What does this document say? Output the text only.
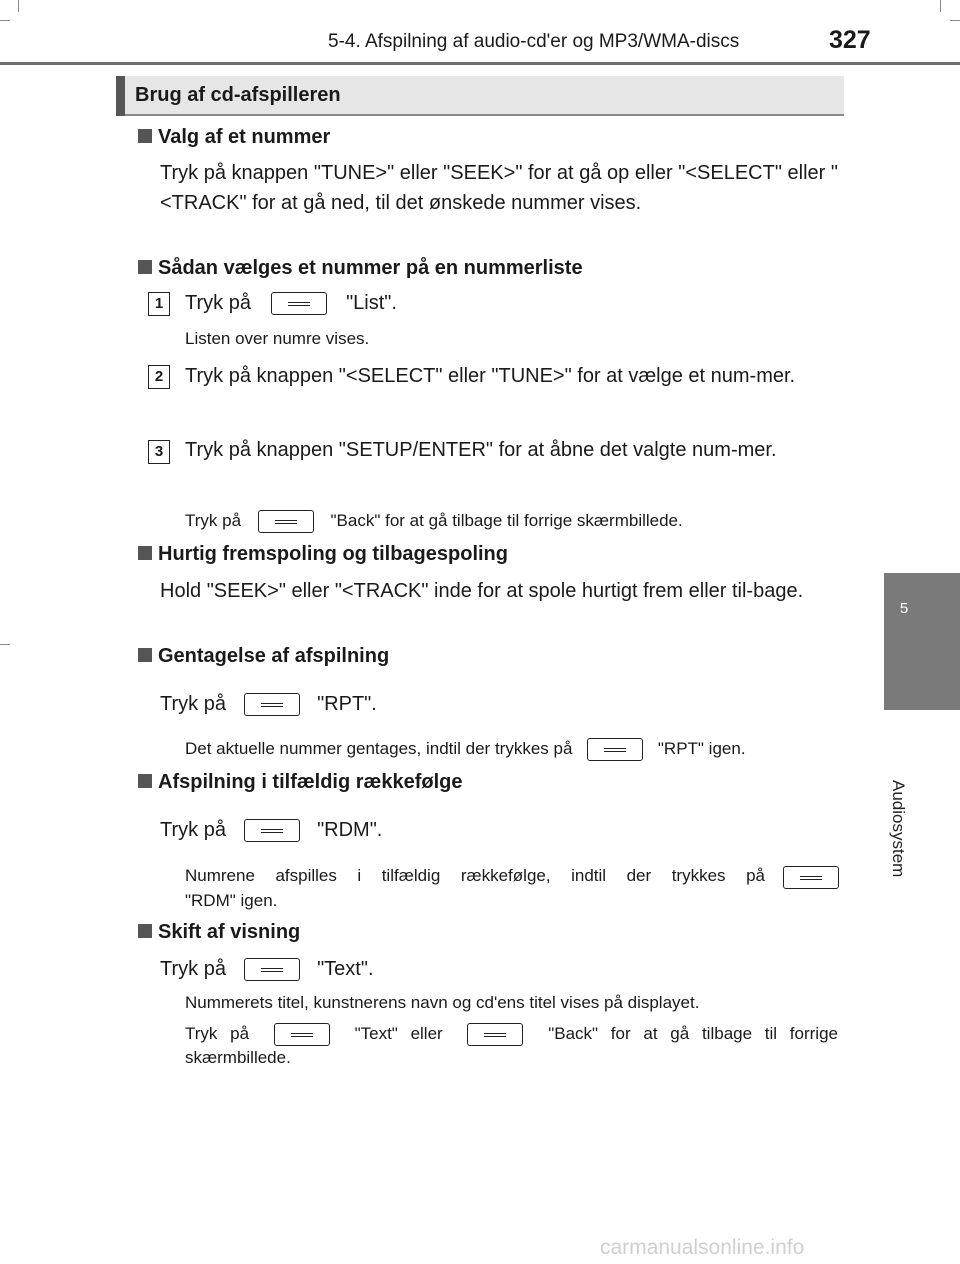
5-4. Afspilning af audio-cd'er og MP3/WMA-discs	327
5
Audiosystem
Brug af cd-afspilleren
Valg af et nummer
Tryk på knappen "TUNE>" eller "SEEK>" for at gå op eller "<SELECT" eller "<TRACK" for at gå ned, til det ønskede nummer vises.
Sådan vælges et nummer på en nummerliste
1	Tryk på	"List".
Listen over numre vises.
2	Tryk på knappen "<SELECT" eller "TUNE>" for at vælge et num-mer.
3	Tryk på knappen "SETUP/ENTER" for at åbne det valgte num-mer.
Tryk på	"Back" for at gå tilbage til forrige skærmbillede.
Hurtig fremspoling og tilbagespoling
Hold "SEEK>" eller "<TRACK" inde for at spole hurtigt frem eller til-bage.
Gentagelse af afspilning
Tryk på	"RPT".
Det aktuelle nummer gentages, indtil der trykkes på	"RPT" igen.
Afspilning i tilfældig rækkefølge
Tryk på	"RDM".
Numrene afspilles i tilfældig rækkefølge, indtil der trykkes på
"RDM" igen.
Skift af visning
Tryk på	"Text".
Nummerets titel, kunstnerens navn og cd'ens titel vises på displayet.
Tryk på	"Text" eller	"Back" for at gå tilbage til forrige skærmbillede.
carmanualsonline.info
